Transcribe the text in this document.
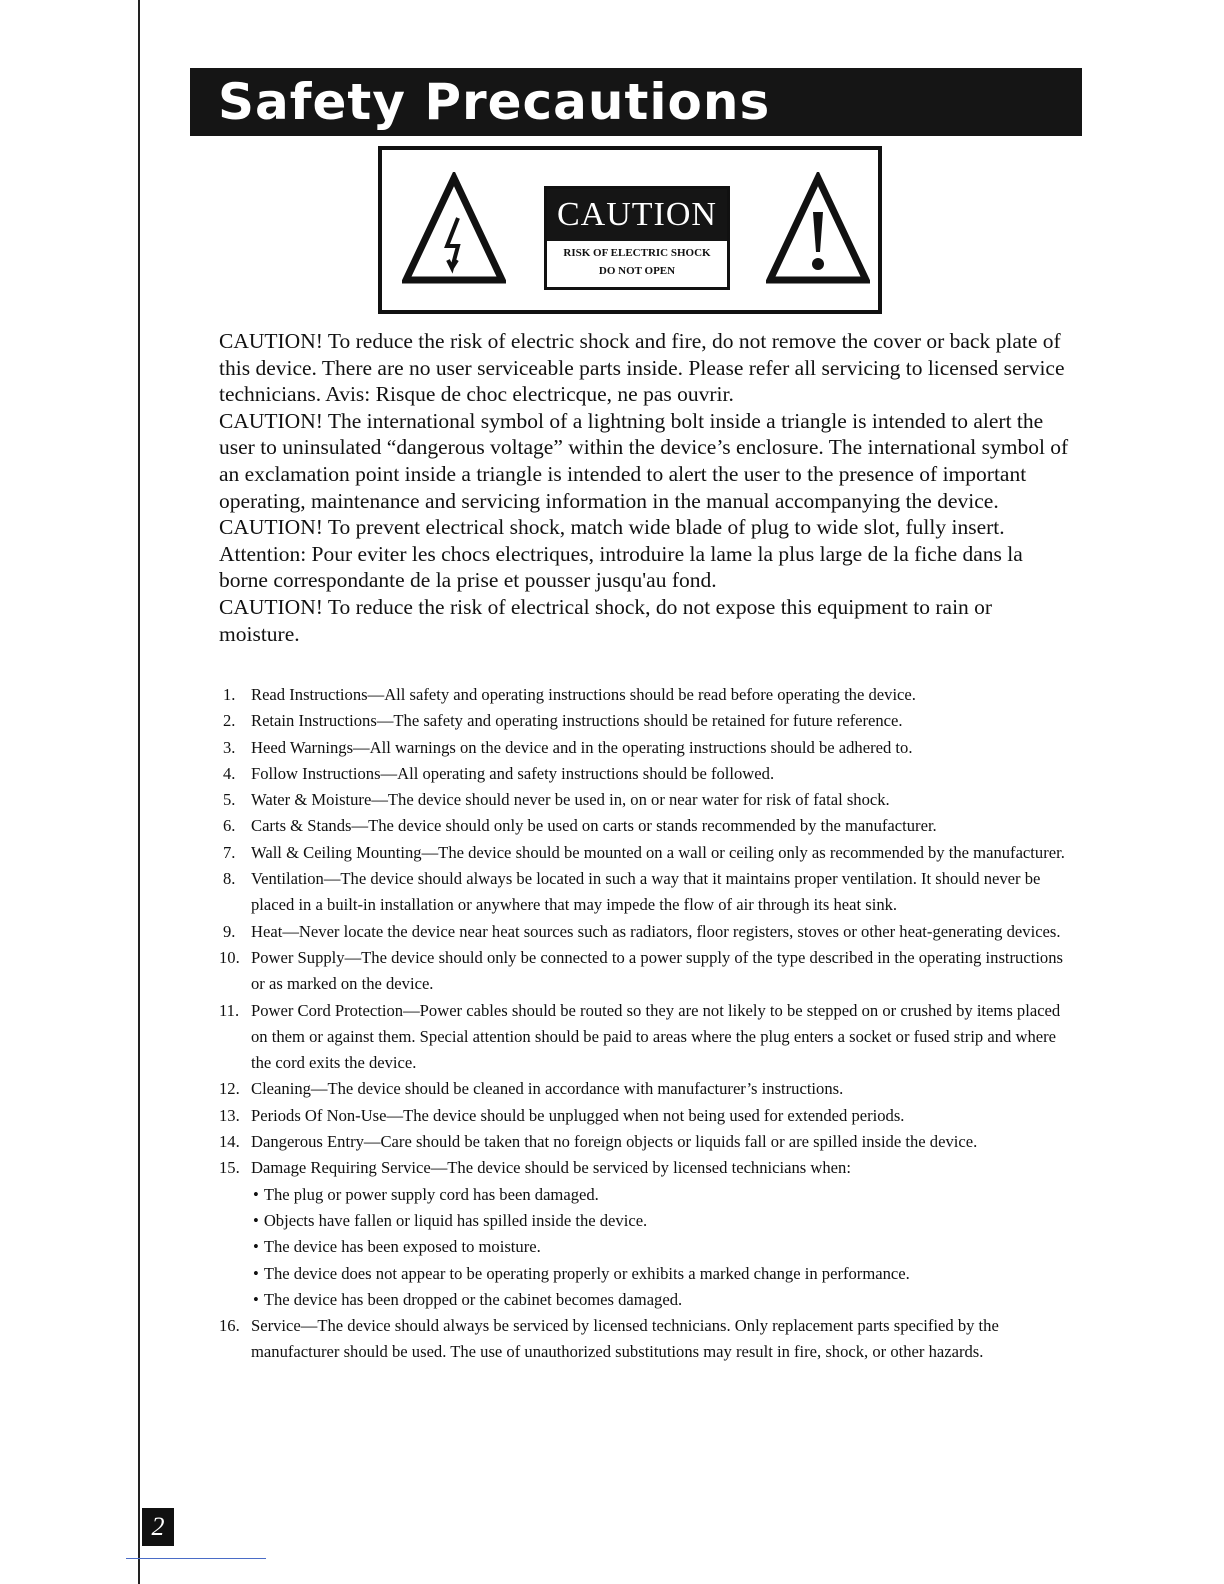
Safety Precautions
CAUTION
RISK OF ELECTRIC SHOCK
DO NOT OPEN

CAUTION! To reduce the risk of electric shock and fire, do not remove the cover or back plate of this device. There are no user serviceable parts inside. Please refer all servicing to licensed service technicians. Avis: Risque de choc electricque, ne pas ouvrir.

CAUTION! The international symbol of a lightning bolt inside a triangle is intended to alert the user to uninsulated “dangerous voltage” within the device’s enclosure. The international symbol of an exclamation point inside a triangle is intended to alert the user to the presence of important operating, maintenance and servicing information in the manual accompanying the device.

CAUTION! To prevent electrical shock, match wide blade of plug to wide slot, fully insert. Attention: Pour eviter les chocs electriques, introduire la lame la plus large de la fiche dans la borne correspondante de la prise et pousser jusqu'au fond.

CAUTION! To reduce the risk of electrical shock, do not expose this equipment to rain or moisture.

1. Read Instructions—All safety and operating instructions should be read before operating the device.
2. Retain Instructions—The safety and operating instructions should be retained for future reference.
3. Heed Warnings—All warnings on the device and in the operating instructions should be adhered to.
4. Follow Instructions—All operating and safety instructions should be followed.
5. Water & Moisture—The device should never be used in, on or near water for risk of fatal shock.
6. Carts & Stands—The device should only be used on carts or stands recommended by the manufacturer.
7. Wall & Ceiling Mounting—The device should be mounted on a wall or ceiling only as recommended by the manufacturer.
8. Ventilation—The device should always be located in such a way that it maintains proper ventilation. It should never be placed in a built-in installation or anywhere that may impede the flow of air through its heat sink.
9. Heat—Never locate the device near heat sources such as radiators, floor registers, stoves or other heat-generating devices.
10. Power Supply—The device should only be connected to a power supply of the type described in the operating instructions or as marked on the device.
11. Power Cord Protection—Power cables should be routed so they are not likely to be stepped on or crushed by items placed on them or against them. Special attention should be paid to areas where the plug enters a socket or fused strip and where the cord exits the device.
12. Cleaning—The device should be cleaned in accordance with manufacturer’s instructions.
13. Periods Of Non-Use—The device should be unplugged when not being used for extended periods.
14. Dangerous Entry—Care should be taken that no foreign objects or liquids fall or are spilled inside the device.
15. Damage Requiring Service—The device should be serviced by licensed technicians when:
• The plug or power supply cord has been damaged.
• Objects have fallen or liquid has spilled inside the device.
• The device has been exposed to moisture.
• The device does not appear to be operating properly or exhibits a marked change in performance.
• The device has been dropped or the cabinet becomes damaged.
16. Service—The device should always be serviced by licensed technicians. Only replacement parts specified by the manufacturer should be used. The use of unauthorized substitutions may result in fire, shock, or other hazards.
2
